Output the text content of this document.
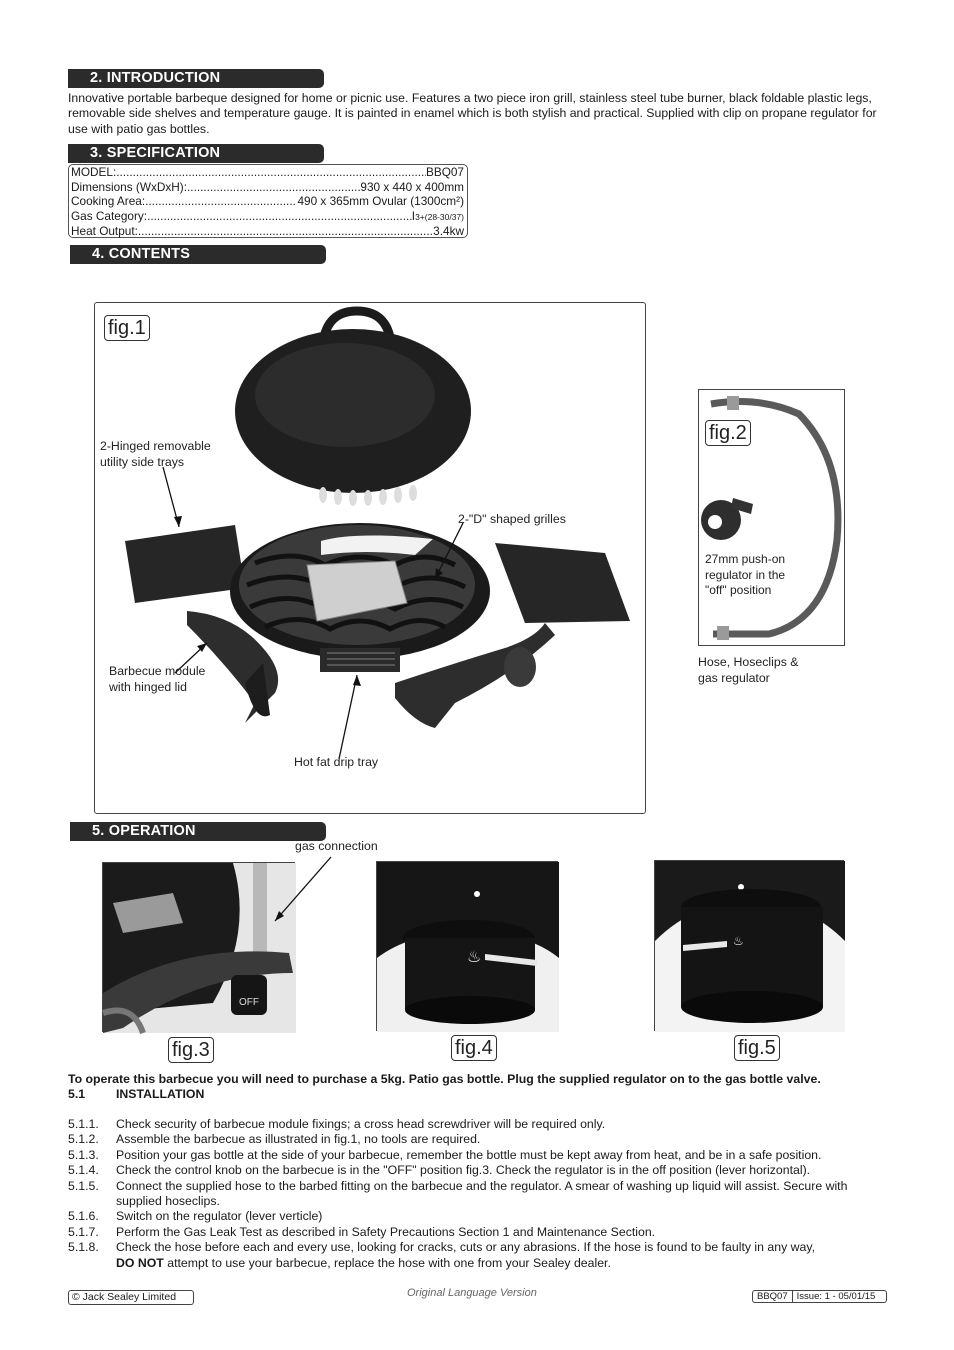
2. INTRODUCTION
Innovative portable barbeque designed for home or picnic use. Features a two piece iron grill, stainless steel tube burner, black foldable plastic legs, removable side shelves and temperature gauge. It is painted in enamel which is both stylish and practical. Supplied with clip on propane regulator for use with patio gas bottles.
3. SPECIFICATION
MODEL: .....	BBQ07
Dimensions (WxDxH): .....	930 x 440 x 400mm
Cooking Area: .....	490 x 365mm Ovular (1300cm²)
Gas Category: .....	I3+(28-30/37)
Heat Output: .....	3.4kw
4. CONTENTS
fig.1
2-Hinged removable
utility side trays
2-"D" shaped grilles
Barbecue module
with hinged lid
Hot fat drip tray
fig.2
27mm push-on
regulator in the
"off" position
Hose, Hoseclips &
gas regulator
5. OPERATION
gas connection
OFF
fig.3
♨
fig.4
♨
fig.5
To operate this barbecue you will need to purchase a 5kg. Patio gas bottle. Plug the supplied regulator on to the gas bottle valve.
5.1	INSTALLATION
5.1.1.	Check security of barbecue module fixings; a cross head screwdriver will be required only.
5.1.2.	Assemble the barbecue as illustrated in fig.1, no tools are required.
5.1.3.	Position your gas bottle at the side of your barbecue, remember the bottle must be kept away from heat, and be in a safe position.
5.1.4.	Check the control knob on the barbecue is in the "OFF" position fig.3. Check the regulator is in the off position (lever horizontal).
5.1.5.	Connect the supplied hose to the barbed fitting on the barbecue and the regulator. A smear of washing up liquid will assist. Secure with supplied hoseclips.
5.1.6.	Switch on the regulator (lever verticle)
5.1.7.	Perform the Gas Leak Test as described in Safety Precautions Section 1 and Maintenance Section.
5.1.8.	Check the hose before each and every use, looking for cracks, cuts or any abrasions. If the hose is found to be faulty in any way,
DO NOT attempt to use your barbecue, replace the hose with one from your Sealey dealer.
© Jack Sealey Limited	Original Language Version	BBQ07 Issue: 1 - 05/01/15
